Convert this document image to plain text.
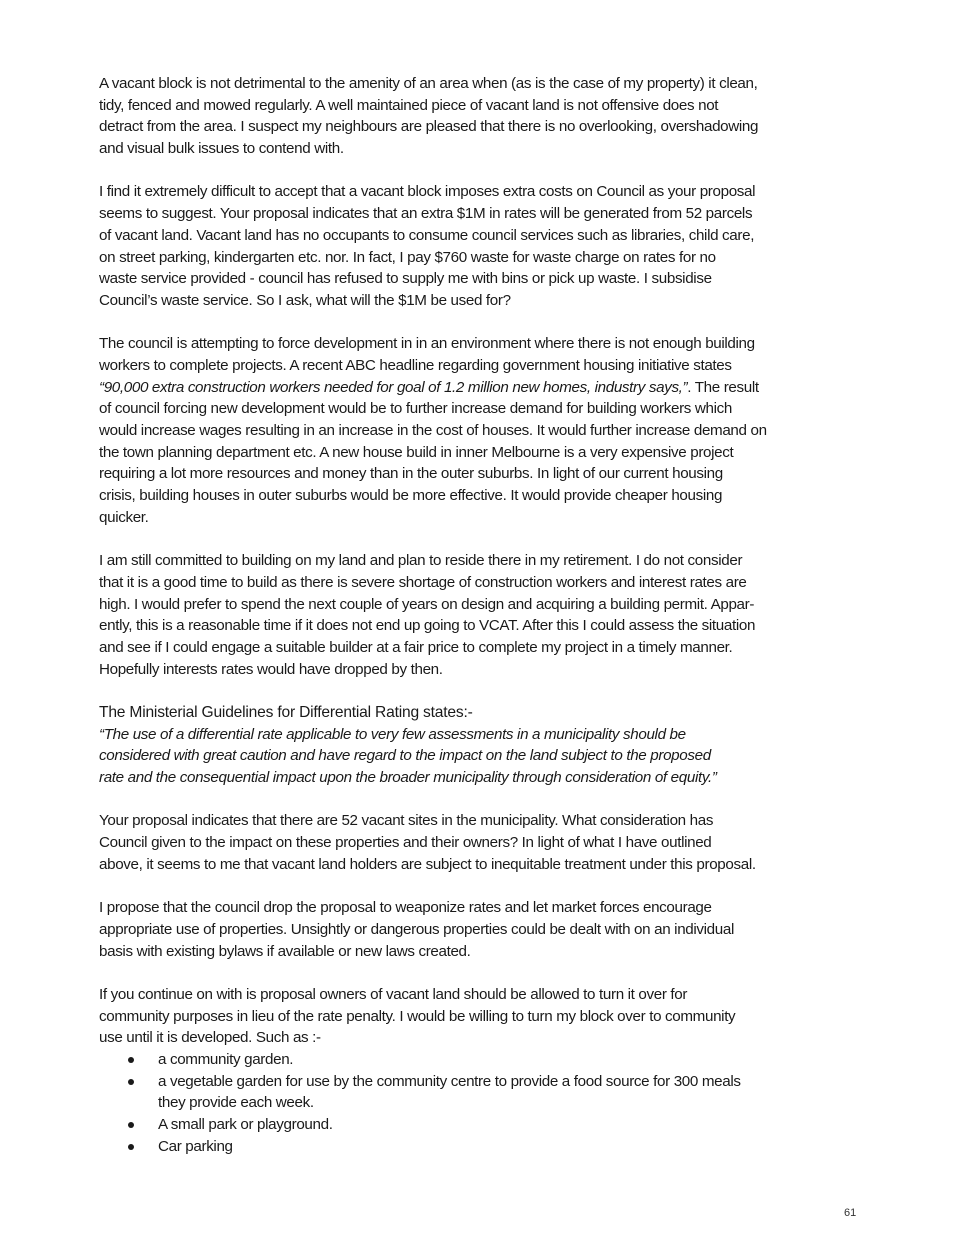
A vacant block is not detrimental to the amenity of an area when (as is the case of my property) it clean,
tidy, fenced and mowed regularly. A well maintained piece of vacant land is not offensive does not
detract from the area. I suspect my neighbours are pleased that there is no overlooking, overshadowing
and visual bulk issues to contend with.
I find it extremely difficult to accept that a vacant block imposes extra costs on Council as your proposal
seems to suggest. Your proposal indicates that an extra $1M in rates will be generated from 52 parcels
of vacant land. Vacant land has no occupants to consume council services such as libraries, child care,
on street parking, kindergarten etc. nor. In fact, I pay $760 waste for waste charge on rates for no
waste service provided - council has refused to supply me with bins or pick up waste. I subsidise
Council’s waste service. So I ask, what will the $1M be used for?
The council is attempting to force development in in an environment where there is not enough building
workers to complete projects. A recent ABC headline regarding government housing initiative states
“90,000 extra construction workers needed for goal of 1.2 million new homes, industry says,”. The result
of council forcing new development would be to further increase demand for building workers which
would increase wages resulting in an increase in the cost of houses. It would further increase demand on
the town planning department etc. A new house build in inner Melbourne is a very expensive project
requiring a lot more resources and money than in the outer suburbs. In light of our current housing
crisis, building houses in outer suburbs would be more effective. It would provide cheaper housing
quicker.
I am still committed to building on my land and plan to reside there in my retirement. I do not consider
that it is a good time to build as there is severe shortage of construction workers and interest rates are
high. I would prefer to spend the next couple of years on design and acquiring a building permit. Appar-
ently, this is a reasonable time if it does not end up going to VCAT. After this I could assess the situation
and see if I could engage a suitable builder at a fair price to complete my project in a timely manner.
Hopefully interests rates would have dropped by then.
The Ministerial Guidelines for Differential Rating states:-
“The use of a differential rate applicable to very few assessments in a municipality should be
considered with great caution and have regard to the impact on the land subject to the proposed
rate and the consequential impact upon the broader municipality through consideration of equity.”
Your proposal indicates that there are 52 vacant sites in the municipality. What consideration has
Council given to the impact on these properties and their owners? In light of what I have outlined
above, it seems to me that vacant land holders are subject to inequitable treatment under this proposal.
I propose that the council drop the proposal to weaponize rates and let market forces encourage
appropriate use of properties. Unsightly or dangerous properties could be dealt with on an individual
basis with existing bylaws if available or new laws created.
If you continue on with is proposal owners of vacant land should be allowed to turn it over for
community purposes in lieu of the rate penalty. I would be willing to turn my block over to community
use until it is developed. Such as :-
a community garden.
a vegetable garden for use by the community centre to provide a food source for 300 meals
they provide each week.
A small park or playground.
Car parking
61
